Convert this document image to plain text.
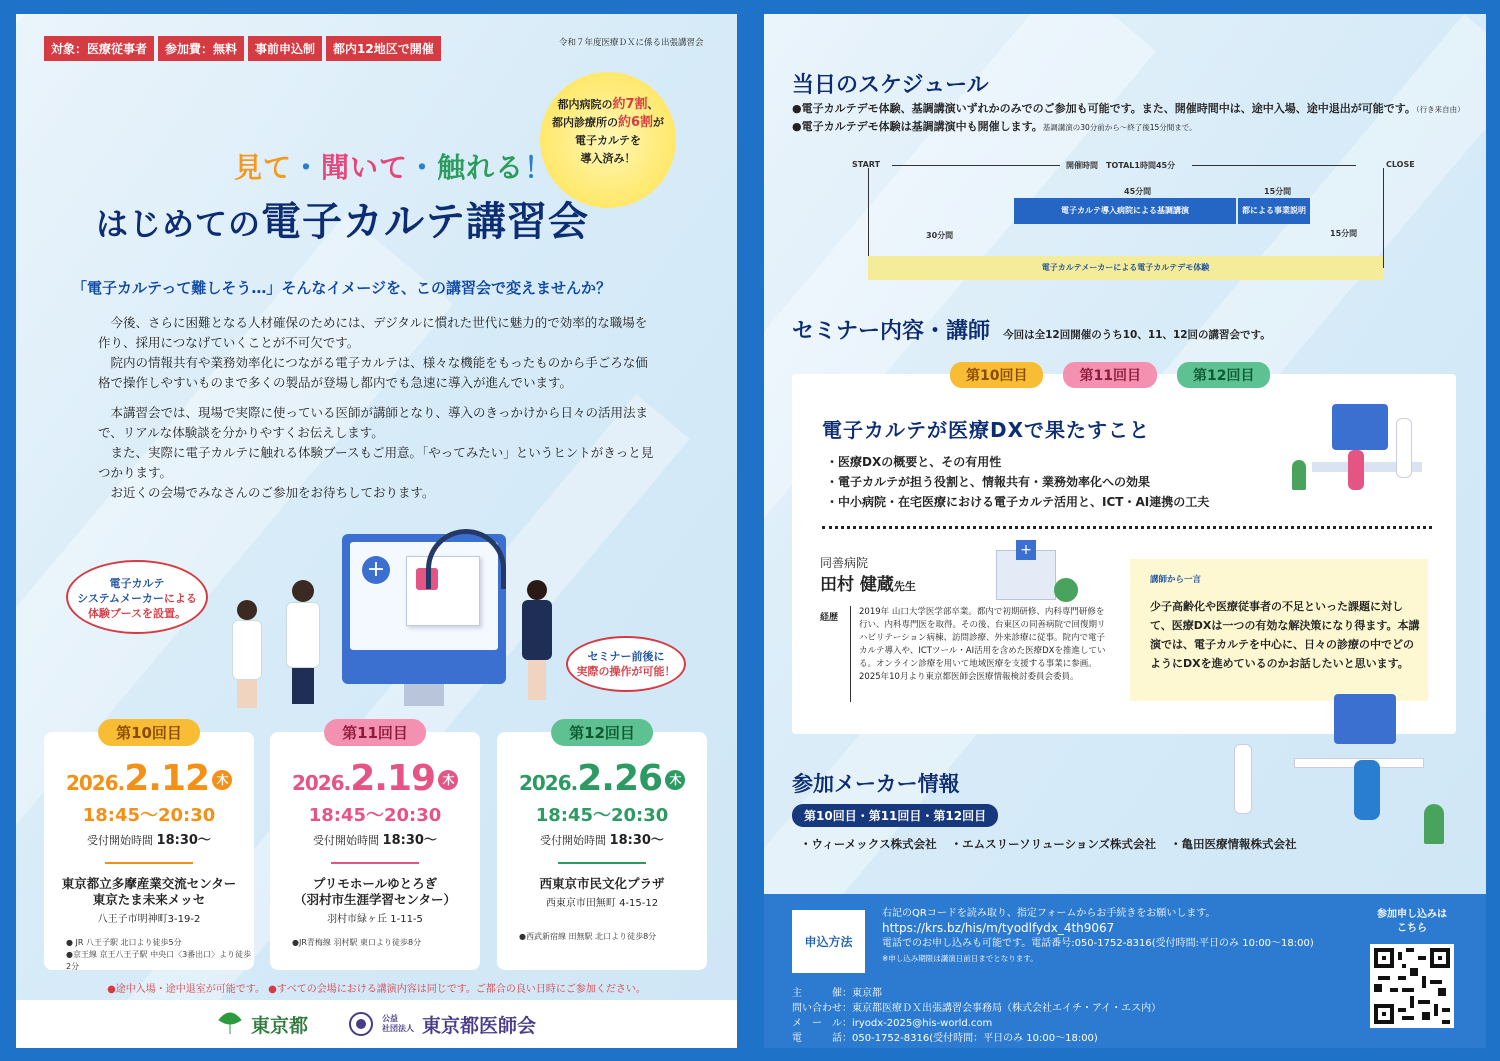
対象：医療従事者 参加費：無料 事前申込制 都内12地区で開催	令和７年度医療ＤＸに係る出張講習会
都内病院の約7割、
都内診療所の約6割が
電子カルテを
導入済み！
見て・聞いて・触れる！
はじめての電子カルテ講習会
「電子カルテって難しそう…」そんなイメージを、この講習会で変えませんか？

今後、さらに困難となる人材確保のためには、デジタルに慣れた世代に魅力的で効率的な職場を作り、採用につなげていくことが不可欠です。

院内の情報共有や業務効率化につながる電子カルテは、様々な機能をもったものから手ごろな価格で操作しやすいものまで多くの製品が登場し都内でも急速に導入が進んでいます。

本講習会では、現場で実際に使っている医師が講師となり、導入のきっかけから日々の活用法まで、リアルな体験談を分かりやすくお伝えします。

また、実際に電子カルテに触れる体験ブースもご用意。「やってみたい」というヒントがきっと見つかります。

お近くの会場でみなさんのご参加をお待ちしております。

+
電子カルテ
システムメーカーによる
体験ブースを設置。
セミナー前後に
実際の操作が可能！
第10回目
2026.2.12 木
18:45～20:30
受付開始時間 18:30～
東京都立多摩産業交流センター
東京たま未来メッセ
八王子市明神町3-19-2
● JR 八王子駅 北口より徒歩5分
●京王線 京王八王子駅 中央口〈3番出口〉より徒歩2分
第11回目
2026.2.19 木
18:45～20:30
受付開始時間 18:30～
プリモホールゆとろぎ
（羽村市生涯学習センター）
羽村市緑ヶ丘 1-11-5
●JR青梅線 羽村駅 東口より徒歩8分
第12回目
2026.2.26 木
18:45～20:30
受付開始時間 18:30～
西東京市民文化プラザ
西東京市田無町 4-15-12
●西武新宿線 田無駅 北口より徒歩8分
●途中入場・途中退室が可能です。 ●すべての会場における講演内容は同じです。ご都合の良い日時にご参加ください。
東京都	公益
社団法人 東京都医師会
当日のスケジュール
●電子カルテデモ体験、基調講演いずれかのみでのご参加も可能です。また、開催時間中は、途中入場、途中退出が可能です。（行き来自由）
●電子カルテデモ体験は基調講演中も開催します。基調講演の30分前から～終了後15分間まで。
START	CLOSE
開催時間　TOTAL1時間45分
45分間	15分間
電子カルテ導入病院による基調講演	都による事業説明
30分間	15分間
電子カルテメーカーによる電子カルテデモ体験
セミナー内容・講師 今回は全12回開催のうち10、11、12回の講習会です。
第10回目	第11回目	第12回目
電子カルテが医療DXで果たすこと
・医療DXの概要と、その有用性
・電子カルテが担う役割と、情報共有・業務効率化への効果
・中小病院・在宅医療における電子カルテ活用と、ICT・AI連携の工夫
+
同善病院
田村 健蔵先生
経歴
2019年 山口大学医学部卒業。都内で初期研修、内科専門研修を行い、内科専門医を取得。その後、台東区の同善病院で回復期リハビリテーション病棟、訪問診療、外来診療に従事。院内で電子カルテ導入や、ICTツール・AI活用を含めた医療DXを推進している。オンライン診療を用いて地域医療を支援する事業に参画。2025年10月より東京都医師会医療情報検討委員会委員。
講師から一言
少子高齢化や医療従事者の不足といった課題に対して、医療DXは一つの有効な解決策になり得ます。本講演では、電子カルテを中心に、日々の診療の中でどのようにDXを進めているのかお話したいと思います。
参加メーカー情報
第10回目・第11回目・第12回目
・ウィーメックス株式会社 ・エムスリーソリューションズ株式会社 ・亀田医療情報株式会社
申込方法
右記のQRコードを読み取り、指定フォームからお手続きをお願いします。
https://krs.bz/his/m/tyodlfydx_4th9067
電話でのお申し込みも可能です。電話番号:050-1752-8316(受付時間:平日のみ 10:00～18:00)
※申し込み期限は講演日前日までとなります。
参加申し込みは
こちら
主　　　催：東京都
問い合わせ：東京都医療ＤＸ出張講習会事務局（株式会社エイチ・アイ・エス内）
メ　ー　ル：iryodx-2025@his-world.com
電　　　話：050-1752-8316(受付時間：平日のみ 10:00～18:00)
